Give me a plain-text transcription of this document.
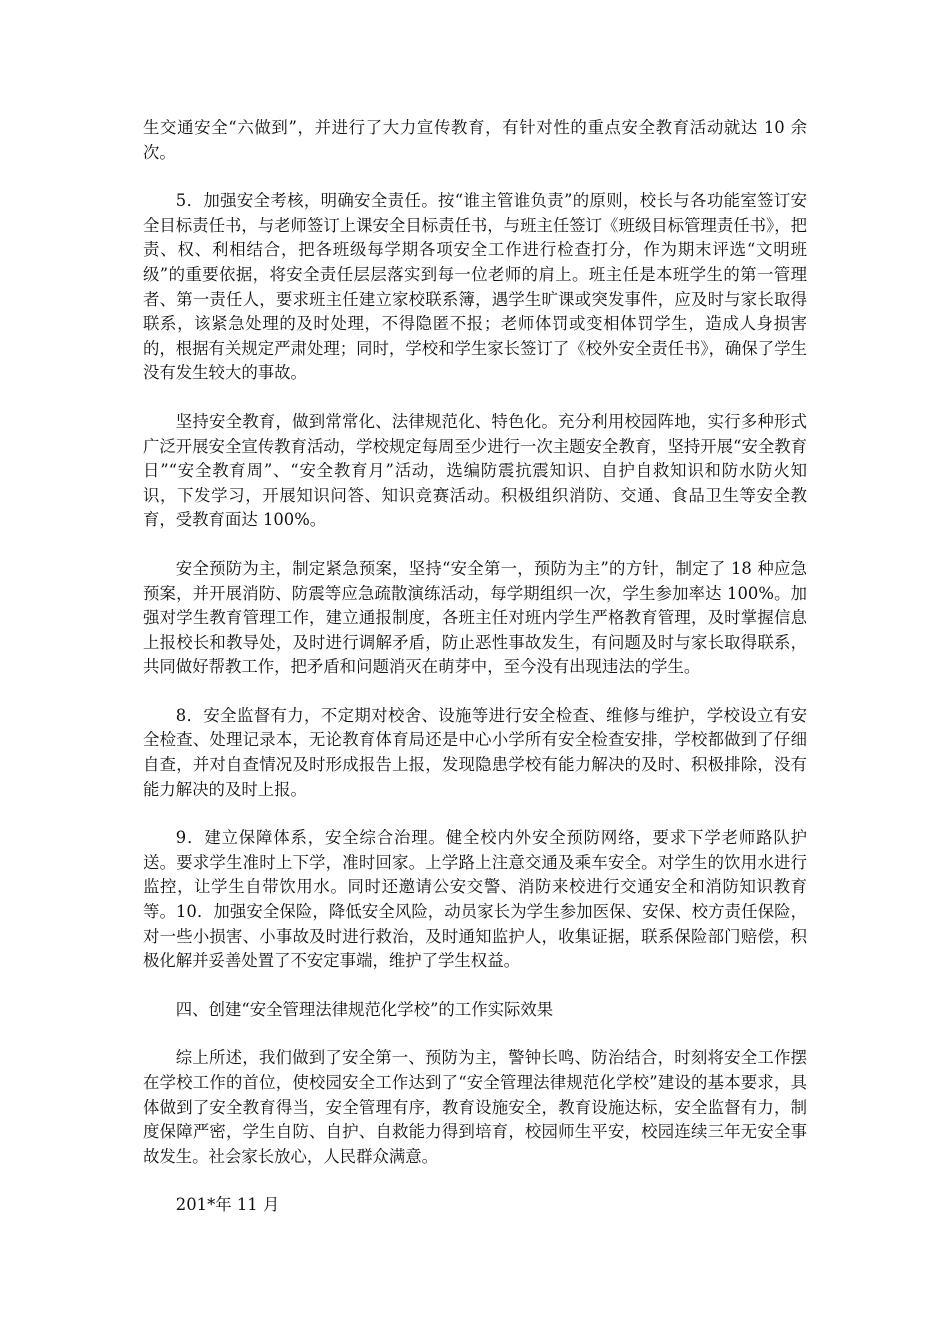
生交通安全“六做到”，并进行了大力宣传教育，有针对性的重点安全教育活动就达 10 余次。

5．加强安全考核，明确安全责任。按“谁主管谁负责”的原则，校长与各功能室签订安全目标责任书，与老师签订上课安全目标责任书，与班主任签订《班级目标管理责任书》，把责、权、利相结合，把各班级每学期各项安全工作进行检查打分，作为期末评选“文明班级”的重要依据，将安全责任层层落实到每一位老师的肩上。班主任是本班学生的第一管理者、第一责任人，要求班主任建立家校联系簿，遇学生旷课或突发事件，应及时与家长取得联系，该紧急处理的及时处理，不得隐匿不报；老师体罚或变相体罚学生，造成人身损害的，根据有关规定严肃处理；同时，学校和学生家长签订了《校外安全责任书》，确保了学生没有发生较大的事故。

坚持安全教育，做到常常化、法律规范化、特色化。充分利用校园阵地，实行多种形式广泛开展安全宣传教育活动，学校规定每周至少进行一次主题安全教育，坚持开展“安全教育日”“安全教育周”、“安全教育月”活动，选编防震抗震知识、自护自救知识和防水防火知识，下发学习，开展知识问答、知识竞赛活动。积极组织消防、交通、食品卫生等安全教育，受教育面达 100%。

安全预防为主，制定紧急预案，坚持“安全第一，预防为主”的方针，制定了 18 种应急预案，并开展消防、防震等应急疏散演练活动，每学期组织一次，学生参加率达 100%。加强对学生教育管理工作，建立通报制度，各班主任对班内学生严格教育管理，及时掌握信息上报校长和教导处，及时进行调解矛盾，防止恶性事故发生，有问题及时与家长取得联系，共同做好帮教工作，把矛盾和问题消灭在萌芽中，至今没有出现违法的学生。

8．安全监督有力，不定期对校舍、设施等进行安全检查、维修与维护，学校设立有安全检查、处理记录本，无论教育体育局还是中心小学所有安全检查安排，学校都做到了仔细自查，并对自查情况及时形成报告上报，发现隐患学校有能力解决的及时、积极排除，没有能力解决的及时上报。

9．建立保障体系，安全综合治理。健全校内外安全预防网络，要求下学老师路队护送。要求学生准时上下学，准时回家。上学路上注意交通及乘车安全。对学生的饮用水进行监控，让学生自带饮用水。同时还邀请公安交警、消防来校进行交通安全和消防知识教育等。10．加强安全保险，降低安全风险，动员家长为学生参加医保、安保、校方责任保险，对一些小损害、小事故及时进行救治，及时通知监护人，收集证据，联系保险部门赔偿，积极化解并妥善处置了不安定事端，维护了学生权益。

四、创建“安全管理法律规范化学校”的工作实际效果

综上所述，我们做到了安全第一、预防为主，警钟长鸣、防治结合，时刻将安全工作摆在学校工作的首位，使校园安全工作达到了“安全管理法律规范化学校”建设的基本要求，具体做到了安全教育得当，安全管理有序，教育设施安全，教育设施达标，安全监督有力，制度保障严密，学生自防、自护、自救能力得到培育，校园师生平安，校园连续三年无安全事故发生。社会家长放心，人民群众满意。

201*年 11 月
